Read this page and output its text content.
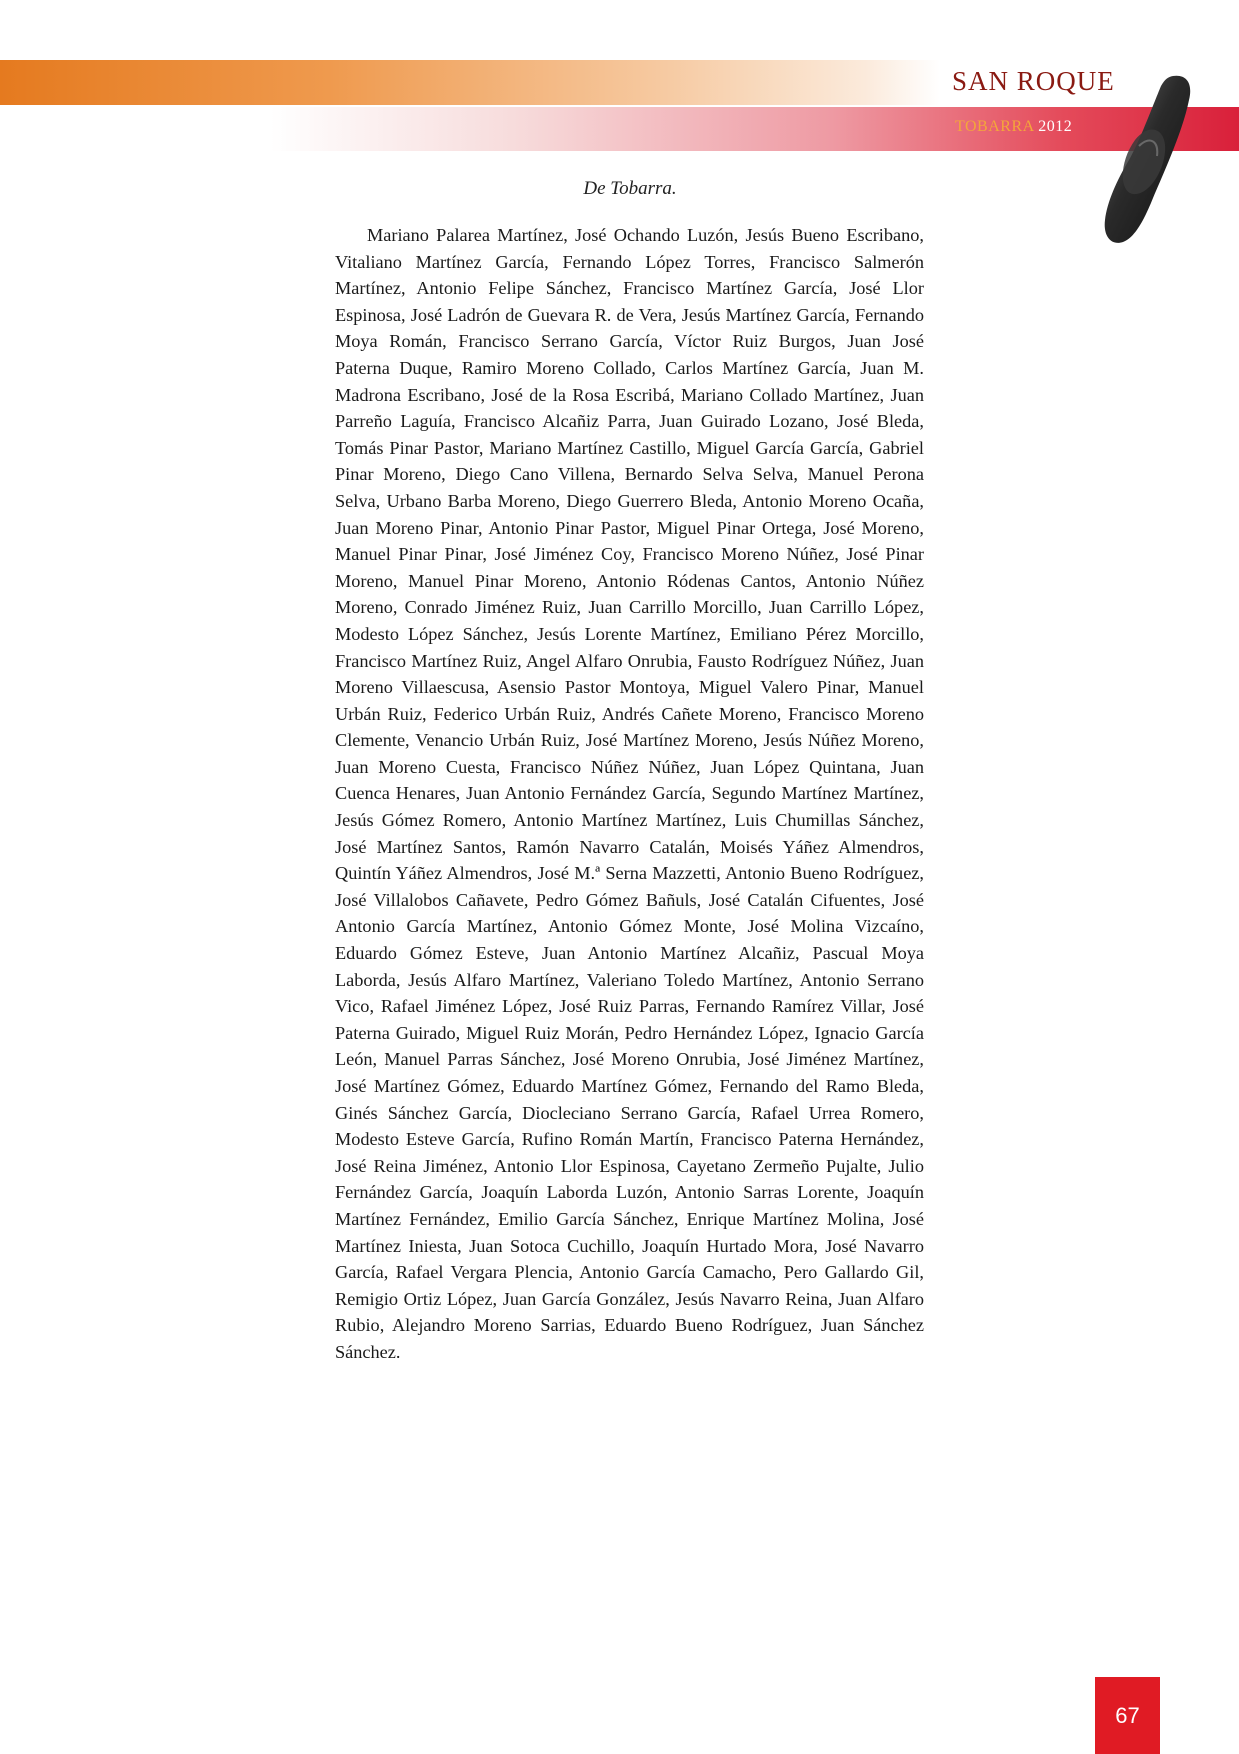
SAN ROQUE
TOBARRA 2012
De Tobarra.

Mariano Palarea Martínez, José Ochando Luzón, Jesús Bueno Escribano, Vitaliano Martínez García, Fernando López Torres, Francisco Salmerón Martínez, Antonio Felipe Sánchez, Francisco Martínez García, José Llor Espinosa, José Ladrón de Guevara R. de Vera, Jesús Martínez García, Fernando Moya Román, Francisco Serrano García, Víctor Ruiz Burgos, Juan José Paterna Duque, Ramiro Moreno Collado, Carlos Martínez García, Juan M. Madrona Escribano, José de la Rosa Escribá, Mariano Collado Martínez, Juan Parreño Laguía, Francisco Alcañiz Parra, Juan Guirado Lozano, José Bleda, Tomás Pinar Pastor, Mariano Martínez Castillo, Miguel García García, Gabriel Pinar Moreno, Diego Cano Villena, Bernardo Selva Selva, Manuel Perona Selva, Urbano Barba Moreno, Diego Guerrero Bleda, Antonio Moreno Ocaña, Juan Moreno Pinar, Antonio Pinar Pastor, Miguel Pinar Ortega, José Moreno, Manuel Pinar Pinar, José Jiménez Coy, Francisco Moreno Núñez, José Pinar Moreno, Manuel Pinar Moreno, Antonio Ródenas Cantos, Antonio Núñez Moreno, Conrado Jiménez Ruiz, Juan Carrillo Morcillo, Juan Carrillo López, Modesto López Sánchez, Jesús Lorente Martínez, Emiliano Pérez Morcillo, Francisco Martínez Ruiz, Angel Alfaro Onrubia, Fausto Rodríguez Núñez, Juan Moreno Villaescusa, Asensio Pastor Montoya, Miguel Valero Pinar, Manuel Urbán Ruiz, Federico Urbán Ruiz, Andrés Cañete Moreno, Francisco Moreno Clemente, Venancio Urbán Ruiz, José Martínez Moreno, Jesús Núñez Moreno, Juan Moreno Cuesta, Francisco Núñez Núñez, Juan López Quintana, Juan Cuenca Henares, Juan Antonio Fernández García, Segundo Martínez Martínez, Jesús Gómez Romero, Antonio Martínez Martínez, Luis Chumillas Sánchez, José Martínez Santos, Ramón Navarro Catalán, Moisés Yáñez Almendros, Quintín Yáñez Almendros, José M.ª Serna Mazzetti, Antonio Bueno Rodríguez, José Villalobos Cañavete, Pedro Gómez Bañuls, José Catalán Cifuentes, José Antonio García Martínez, Antonio Gómez Monte, José Molina Vizcaíno, Eduardo Gómez Esteve, Juan Antonio Martínez Alcañiz, Pascual Moya Laborda, Jesús Alfaro Martínez, Valeriano Toledo Martínez, Antonio Serrano Vico, Rafael Jiménez López, José Ruiz Parras, Fernando Ramírez Villar, José Paterna Guirado, Miguel Ruiz Morán, Pedro Hernández López, Ignacio García León, Manuel Parras Sánchez, José Moreno Onrubia, José Jiménez Martínez, José Martínez Gómez, Eduardo Martínez Gómez, Fernando del Ramo Bleda, Ginés Sánchez García, Diocleciano Serrano García, Rafael Urrea Romero, Modesto Esteve García, Rufino Román Martín, Francisco Paterna Hernández, José Reina Jiménez, Antonio Llor Espinosa, Cayetano Zermeño Pujalte, Julio Fernández García, Joaquín Laborda Luzón, Antonio Sarras Lorente, Joaquín Martínez Fernández, Emilio García Sánchez, Enrique Martínez Molina, José Martínez Iniesta, Juan Sotoca Cuchillo, Joaquín Hurtado Mora, José Navarro García, Rafael Vergara Plencia, Antonio García Camacho, Pero Gallardo Gil, Remigio Ortiz López, Juan García González, Jesús Navarro Reina, Juan Alfaro Rubio, Alejandro Moreno Sarrias, Eduardo Bueno Rodríguez, Juan Sánchez Sánchez.

67
